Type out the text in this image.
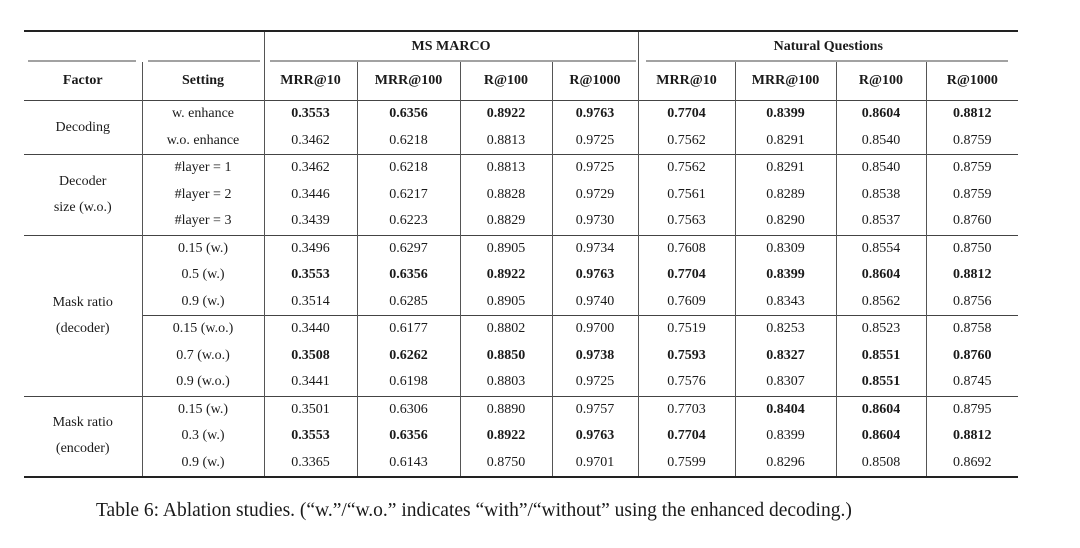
		MS MARCO				Natural Questions			
Factor	Setting	MRR@10	MRR@100	R@100	R@1000	MRR@10	MRR@100	R@100	R@1000

Decoding	w. enhance	0.3553	0.6356	0.8922	0.9763	0.7704	0.8399	0.8604	0.8812
	w.o. enhance	0.3462	0.6218	0.8813	0.9725	0.7562	0.8291	0.8540	0.8759

Decoder
size (w.o.)	#layer = 1	0.3462	0.6218	0.8813	0.9725	0.7562	0.8291	0.8540	0.8759
	#layer = 2	0.3446	0.6217	0.8828	0.9729	0.7561	0.8289	0.8538	0.8759
	#layer = 3	0.3439	0.6223	0.8829	0.9730	0.7563	0.8290	0.8537	0.8760

Mask ratio
(decoder)	0.15 (w.)	0.3496	0.6297	0.8905	0.9734	0.7608	0.8309	0.8554	0.8750
	0.5 (w.)	0.3553	0.6356	0.8922	0.9763	0.7704	0.8399	0.8604	0.8812
	0.9 (w.)	0.3514	0.6285	0.8905	0.9740	0.7609	0.8343	0.8562	0.8756
	0.15 (w.o.)	0.3440	0.6177	0.8802	0.9700	0.7519	0.8253	0.8523	0.8758
	0.7 (w.o.)	0.3508	0.6262	0.8850	0.9738	0.7593	0.8327	0.8551	0.8760
	0.9 (w.o.)	0.3441	0.6198	0.8803	0.9725	0.7576	0.8307	0.8551	0.8745

Mask ratio
(encoder)	0.15 (w.)	0.3501	0.6306	0.8890	0.9757	0.7703	0.8404	0.8604	0.8795
	0.3 (w.)	0.3553	0.6356	0.8922	0.9763	0.7704	0.8399	0.8604	0.8812
	0.9 (w.)	0.3365	0.6143	0.8750	0.9701	0.7599	0.8296	0.8508	0.8692
Table 6: Ablation studies. (“w.”/“w.o.” indicates “with”/“without” using the enhanced decoding.)
